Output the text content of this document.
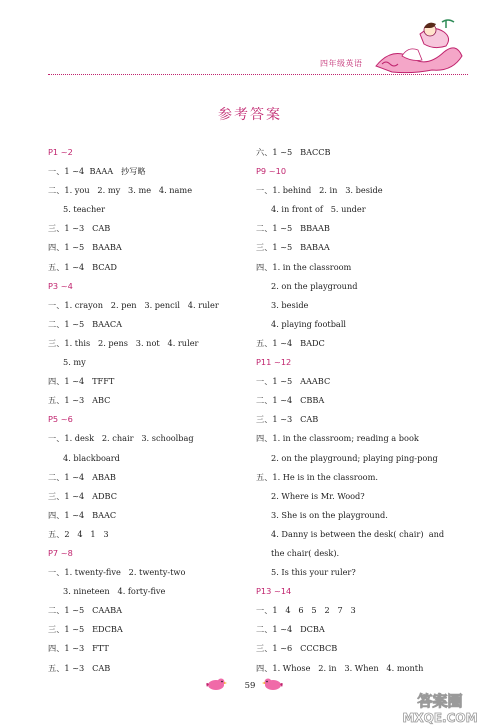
四年级英语
参考答案
P1 ~2
一、1 ~4  BAAA   抄写略
二、1. you   2. my   3. me   4. name
5. teacher
三、1 ~3   CAB
四、1 ~5   BAABA
五、1 ~4   BCAD
P3 ~4
一、1. crayon   2. pen   3. pencil   4. ruler
二、1 ~5   BAACA
三、1. this   2. pens   3. not   4. ruler
5. my
四、1 ~4   TFFT
五、1 ~3   ABC
P5 ~6
一、1. desk   2. chair   3. schoolbag
4. blackboard
二、1 ~4   ABAB
三、1 ~4   ADBC
四、1 ~4   BAAC
五、2   4   1   3
P7 ~8
一、1. twenty-five   2. twenty-two
3. nineteen   4. forty-five
二、1 ~5   CAABA
三、1 ~5   EDCBA
四、1 ~3   FTT
五、1 ~3   CAB
六、1 ~5   BACCB
P9 ~10
一、1. behind   2. in   3. beside
4. in front of   5. under
二、1 ~5   BBAAB
三、1 ~5   BABAA
四、1. in the classroom
2. on the playground
3. beside
4. playing football
五、1 ~4   BADC
P11 ~12
一、1 ~5   AAABC
二、1 ~4   CBBA
三、1 ~3   CAB
四、1. in the classroom; reading a book
2. on the playground; playing ping-pong
五、1. He is in the classroom.
2. Where is Mr. Wood?
3. She is on the playground.
4. Danny is between the desk( chair)  and
the chair( desk).
5. Is this your ruler?
P13 ~14
一、1   4   6   5   2   7   3
二、1 ~4   DCBA
三、1 ~6   CCCBCB
四、1. Whose   2. in   3. When   4. month
59
答案圈
MXQE.COM
